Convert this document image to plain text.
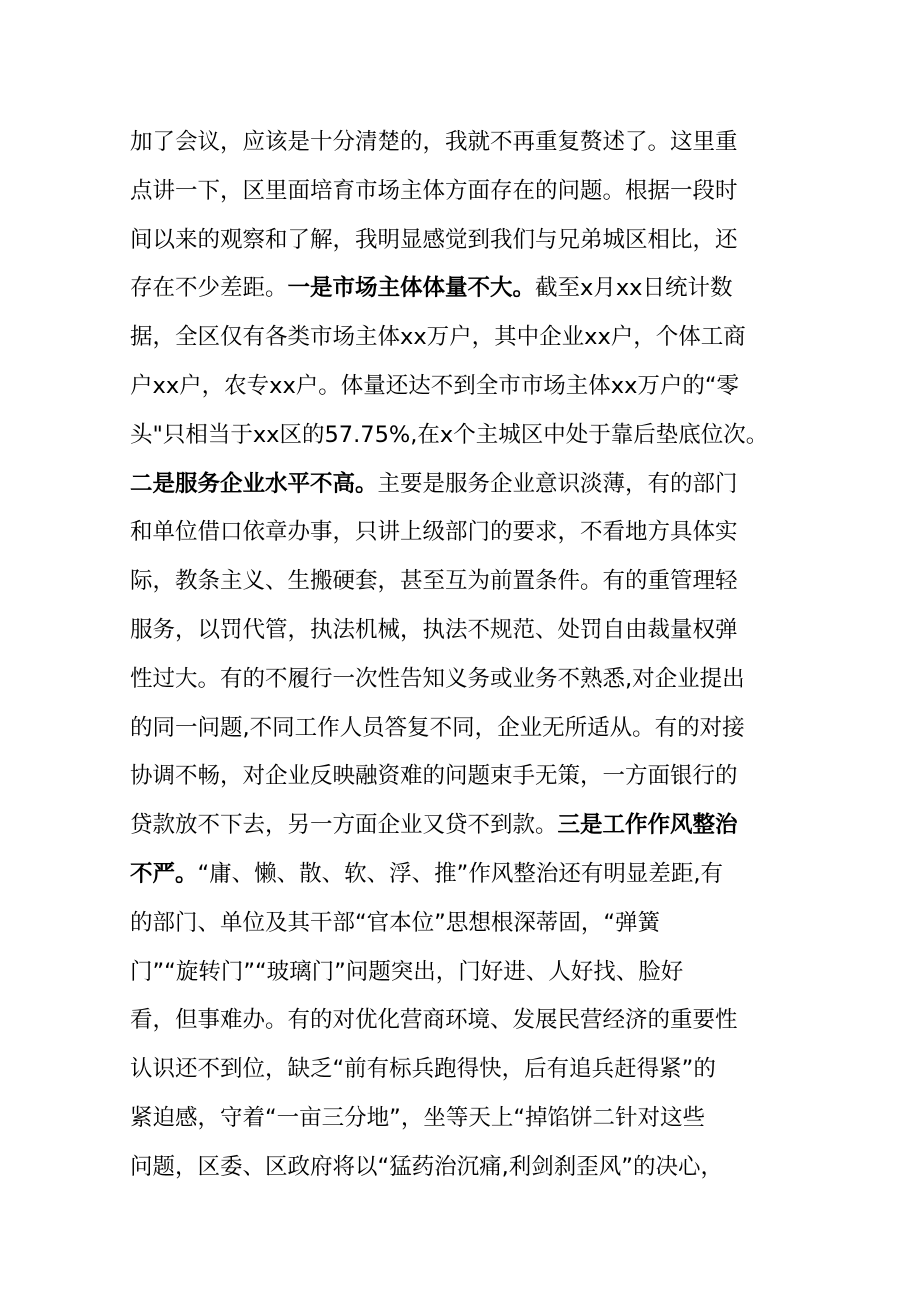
加了会议，应该是十分清楚的，我就不再重复赘述了。这里重
点讲一下，区里面培育市场主体方面存在的问题。根据一段时
间以来的观察和了解，我明显感觉到我们与兄弟城区相比，还
存在不少差距。一是市场主体体量不大。截至x月xx日统计数
据，全区仅有各类市场主体xx万户，其中企业xx户，个体工商
户xx户，农专xx户。体量还达不到全市市场主体xx万户的“零
头"只相当于xx区的57.75%,在x个主城区中处于靠后垫底位次。
二是服务企业水平不高。主要是服务企业意识淡薄，有的部门
和单位借口依章办事，只讲上级部门的要求，不看地方具体实
际，教条主义、生搬硬套，甚至互为前置条件。有的重管理轻
服务，以罚代管，执法机械，执法不规范、处罚自由裁量权弹
性过大。有的不履行一次性告知义务或业务不熟悉,对企业提出
的同一问题,不同工作人员答复不同，企业无所适从。有的对接
协调不畅，对企业反映融资难的问题束手无策，一方面银行的
贷款放不下去，另一方面企业又贷不到款。三是工作作风整治
不严。“庸、懒、散、软、浮、推”作风整治还有明显差距,有
的部门、单位及其干部“官本位”思想根深蒂固，“弹簧
门”“旋转门”“玻璃门”问题突出，门好进、人好找、脸好
看，但事难办。有的对优化营商环境、发展民营经济的重要性
认识还不到位，缺乏“前有标兵跑得快，后有追兵赶得紧”的
紧迫感，守着“一亩三分地”，坐等天上“掉馅饼二针对这些
问题，区委、区政府将以“猛药治沉痛,利剑刹歪风”的决心，
